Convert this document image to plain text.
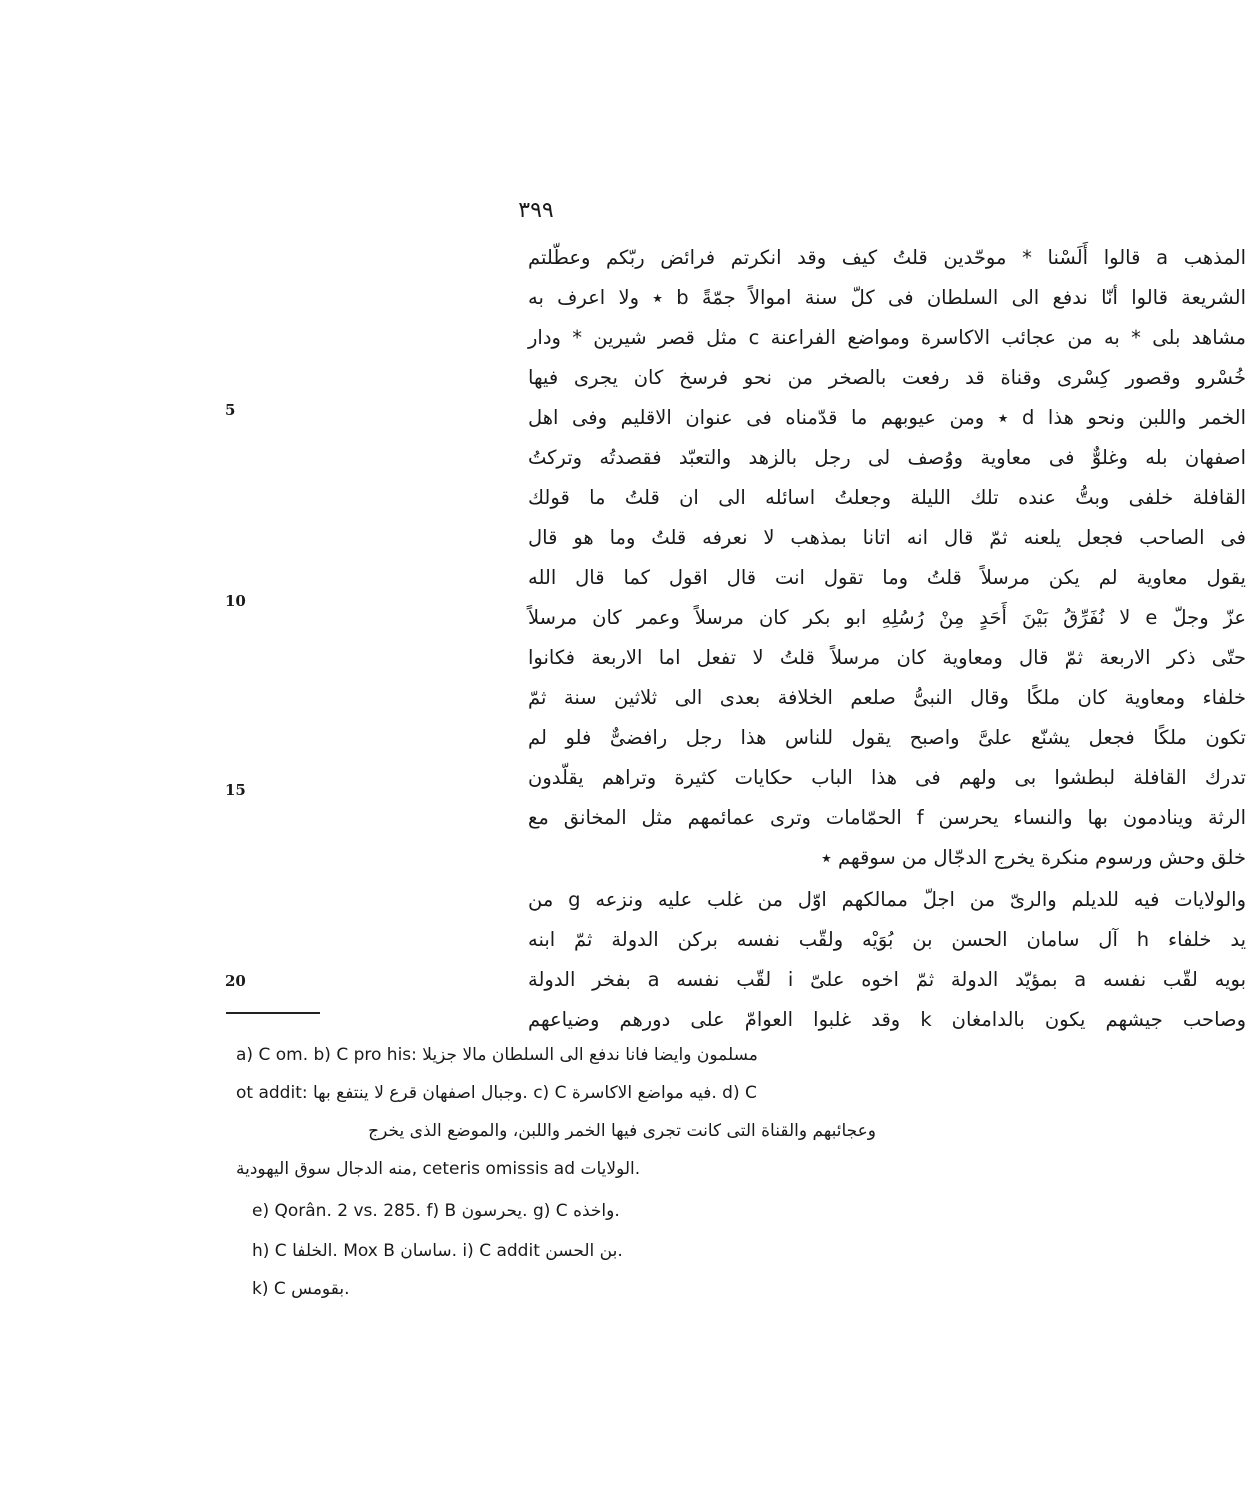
٣٩٩
المذهب a قالوا أَلَسْنا * موحّدين قلتُ كيف وقد انكرتم فرائض ربّكم وعطّلتم
الشريعة قالوا أنّا ندفع الى السلطان فى كلّ سنة اموالاً جمّةً b ٭ ولا اعرف به
مشاهد بلى * به من عجائب الاكاسرة ومواضع الفراعنة c مثل قصر شيرين * ودار
خُسْرو وقصور كِسْرى وقناة قد رفعت بالصخر من نحو فرسخ كان يجرى فيها
الخمر واللبن ونحو هذا d ٭ ومن عيوبهم ما قدّمناه فى عنوان الاقليم وفى اهل
اصفهان بله وغلوٌّ فى معاوية ووُصف لى رجل بالزهد والتعبّد فقصدتُه وتركتُ
القافلة خلفى وبتُّ عنده تلك الليلة وجعلتُ اسائله الى ان قلتُ ما قولك
فى الصاحب فجعل يلعنه ثمّ قال انه اتانا بمذهب لا نعرفه قلتُ وما هو قال
يقول معاوية لم يكن مرسلاً قلتُ وما تقول انت قال اقول كما قال الله
عزّ وجلّ e لا نُفَرِّقُ بَيْنَ أَحَدٍ مِنْ رُسُلِهِ ابو بكر كان مرسلاً وعمر كان مرسلاً
حتّى ذكر الاربعة ثمّ قال ومعاوية كان مرسلاً قلتُ لا تفعل اما الاربعة فكانوا
خلفاء ومعاوية كان ملكًا وقال النبىُّ صلعم الخلافة بعدى الى ثلاثين سنة ثمّ
تكون ملكًا فجعل يشنّع علىَّ واصبح يقول للناس هذا رجل رافضىٌّ فلو لم
تدرك القافلة لبطشوا بى ولهم فى هذا الباب حكايات كثيرة وتراهم يقلّدون
الرثة وينادمون بها والنساء يحرسن f الحمّامات وترى عمائمهم مثل المخانق مع
خلق وحش ورسوم منكرة يخرج الدجّال من سوقهم ٭
والولايات فيه للديلم والرىّ من اجلّ ممالكهم اوّل من غلب عليه ونزعه g من
يد خلفاء h آل سامان الحسن بن بُوَيْه ولقّب نفسه بركن الدولة ثمّ ابنه
بويه لقّب نفسه a بمؤيّد الدولة ثمّ اخوه علىّ i لقّب نفسه a بفخر الدولة
وصاحب جيشهم يكون بالدامغان k وقد غلبوا العوامّ على دورهم وضياعهم
5
10
15
20
a) C om. b) C pro his: مسلمون وايضا فانا ندفع الى السلطان مالا جزيلا
ot addit: وجبال اصفهان قرع لا ينتفع بها. c) C فيه مواضع الاكاسرة. d) C
وعجائبهم والقناة التى كانت تجرى فيها الخمر واللبن، والموضع الذى يخرج
منه الدجال سوق اليهودية, ceteris omissis ad الولايات.
e) Qorân. 2 vs. 285. f) B يحرسون. g) C واخذه.
h) C الخلفا. Mox B ساسان. i) C addit بن الحسن.
k) C بقومس.
